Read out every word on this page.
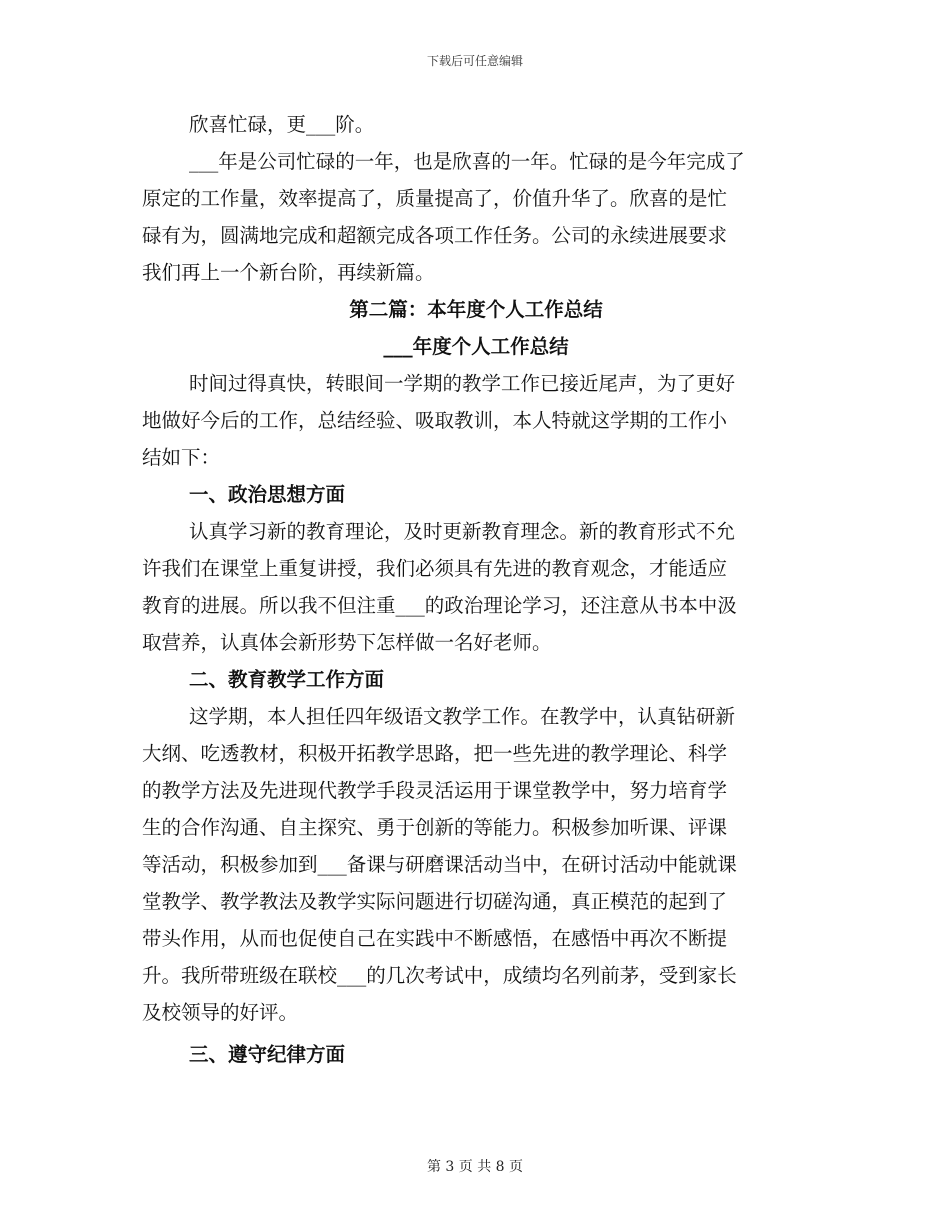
下载后可任意编辑
欣喜忙碌，更___阶。
___年是公司忙碌的一年，也是欣喜的一年。忙碌的是今年完成了
原定的工作量，效率提高了，质量提高了，价值升华了。欣喜的是忙
碌有为，圆满地完成和超额完成各项工作任务。公司的永续进展要求
我们再上一个新台阶，再续新篇。
第二篇：本年度个人工作总结
___年度个人工作总结
时间过得真快，转眼间一学期的教学工作已接近尾声，为了更好
地做好今后的工作，总结经验、吸取教训，本人特就这学期的工作小
结如下：
一、政治思想方面
认真学习新的教育理论，及时更新教育理念。新的教育形式不允
许我们在课堂上重复讲授，我们必须具有先进的教育观念，才能适应
教育的进展。所以我不但注重___的政治理论学习，还注意从书本中汲
取营养，认真体会新形势下怎样做一名好老师。
二、教育教学工作方面
这学期，本人担任四年级语文教学工作。在教学中，认真钻研新
大纲、吃透教材，积极开拓教学思路，把一些先进的教学理论、科学
的教学方法及先进现代教学手段灵活运用于课堂教学中，努力培育学
生的合作沟通、自主探究、勇于创新的等能力。积极参加听课、评课
等活动，积极参加到___备课与研磨课活动当中，在研讨活动中能就课
堂教学、教学教法及教学实际问题进行切磋沟通，真正模范的起到了
带头作用，从而也促使自己在实践中不断感悟，在感悟中再次不断提
升。我所带班级在联校___的几次考试中，成绩均名列前茅，受到家长
及校领导的好评。
三、遵守纪律方面
第 3 页 共 8 页
